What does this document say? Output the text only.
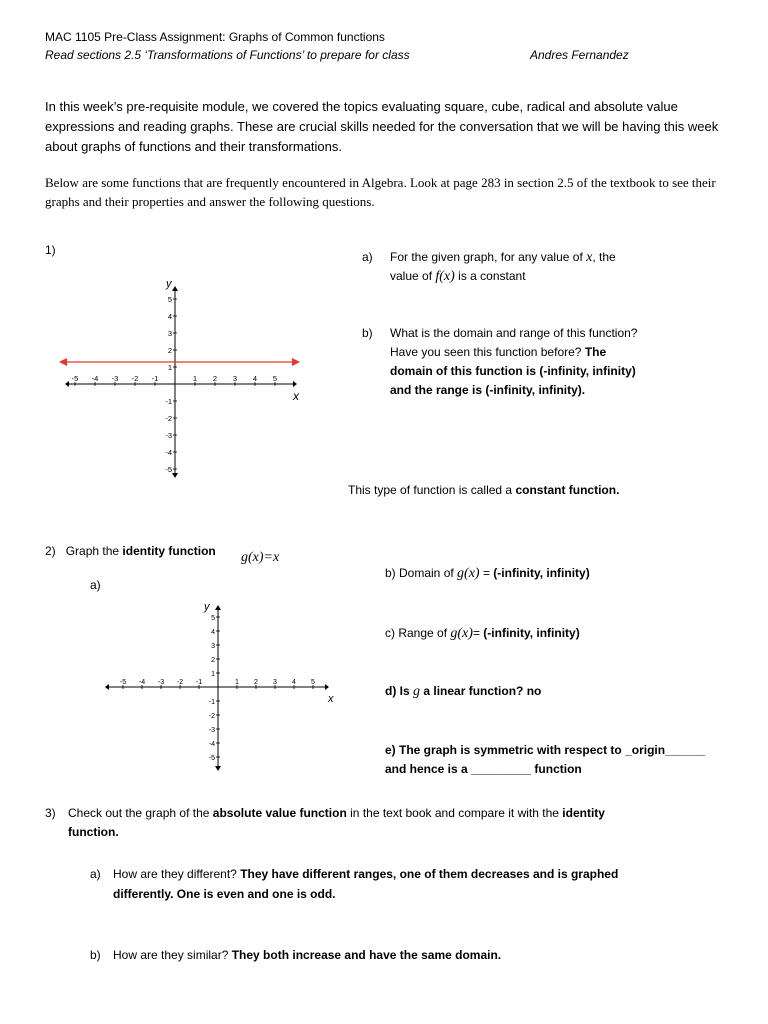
MAC 1105 Pre-Class Assignment: Graphs of Common functions
Read sections 2.5 ‘Transformations of Functions’ to prepare for class	Andres Fernandez
In this week’s pre-requisite module, we covered the topics evaluating square, cube, radical and absolute value expressions and reading graphs. These are crucial skills needed for the conversation that we will be having this week about graphs of functions and their transformations.
Below are some functions that are frequently encountered in Algebra. Look at page 283 in section 2.5 of the textbook to see their graphs and their properties and answer the following questions.
1)
-5 -4 -3 -2 -1	1 2 3 4 5
1
2
3
4
5
-1
-2
-3
-4
-5
y
x
a) For the given graph, for any value of x, the
value of f(x) is a constant
b) What is the domain and range of this function?
Have you seen this function before? The
domain of this function is (-infinity, infinity)
and the range is (-infinity, infinity).
This type of function is called a constant function.
2) Graph the identity function g(x)=x
a)
-5 -4 -3 -2 -1	1 2 3 4 5
1
2
3
4
5
-1
-2
-3
-4
-5
y
x
b) Domain of g(x) = (-infinity, infinity)
c) Range of g(x)= (-infinity, infinity)
d) Is g a linear function? no
e) The graph is symmetric with respect to _origin______
and hence is a _________ function
3) Check out the graph of the absolute value function in the text book and compare it with the identity
function.
a) How are they different? They have different ranges, one of them decreases and is graphed
differently. One is even and one is odd.
b) How are they similar? They both increase and have the same domain.
